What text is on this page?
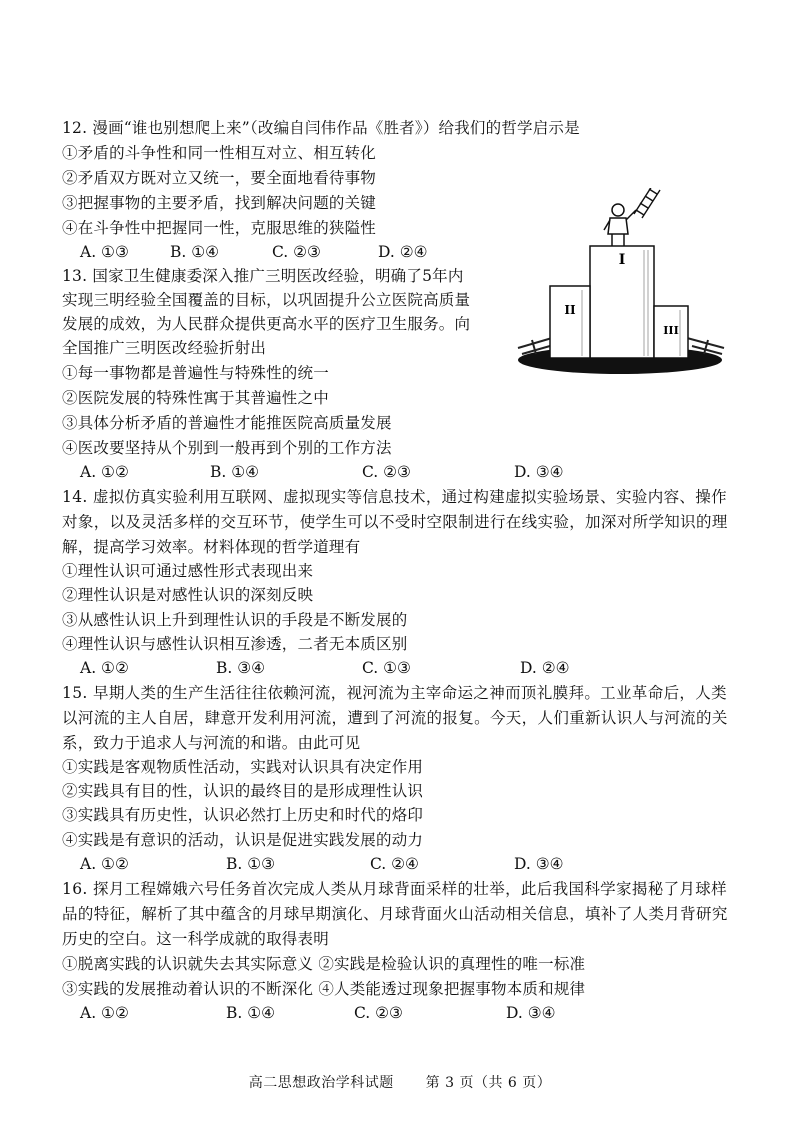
12. 漫画“谁也别想爬上来”（改编自闫伟作品《胜者》）给我们的哲学启示是
①矛盾的斗争性和同一性相互对立、相互转化
②矛盾双方既对立又统一，要全面地看待事物
③把握事物的主要矛盾，找到解决问题的关键
④在斗争性中把握同一性，克服思维的狭隘性
A. ①③	B. ①④	C. ②③	D. ②④
13. 国家卫生健康委深入推广三明医改经验，明确了5年内
实现三明经验全国覆盖的目标，以巩固提升公立医院高质量
发展的成效，为人民群众提供更高水平的医疗卫生服务。向
全国推广三明医改经验折射出
①每一事物都是普遍性与特殊性的统一
②医院发展的特殊性寓于其普遍性之中
③具体分析矛盾的普遍性才能推医院高质量发展
④医改要坚持从个别到一般再到个别的工作方法
A. ①②	B. ①④	C. ②③	D. ③④
14. 虚拟仿真实验利用互联网、虚拟现实等信息技术，通过构建虚拟实验场景、实验内容、操作
对象，以及灵活多样的交互环节，使学生可以不受时空限制进行在线实验，加深对所学知识的理
解，提高学习效率。材料体现的哲学道理有
①理性认识可通过感性形式表现出来
②理性认识是对感性认识的深刻反映
③从感性认识上升到理性认识的手段是不断发展的
④理性认识与感性认识相互渗透，二者无本质区别
A. ①②	B. ③④	C. ①③	D. ②④
15. 早期人类的生产生活往往依赖河流，视河流为主宰命运之神而顶礼膜拜。工业革命后，人类
以河流的主人自居，肆意开发利用河流，遭到了河流的报复。今天，人们重新认识人与河流的关
系，致力于追求人与河流的和谐。由此可见
①实践是客观物质性活动，实践对认识具有决定作用
②实践具有目的性，认识的最终目的是形成理性认识
③实践具有历史性，认识必然打上历史和时代的烙印
④实践是有意识的活动，认识是促进实践发展的动力
A. ①②	B. ①③	C. ②④	D. ③④
16. 探月工程嫦娥六号任务首次完成人类从月球背面采样的壮举，此后我国科学家揭秘了月球样
品的特征，解析了其中蕴含的月球早期演化、月球背面火山活动相关信息，填补了人类月背研究
历史的空白。这一科学成就的取得表明
①脱离实践的认识就失去其实际意义 ②实践是检验认识的真理性的唯一标准
③实践的发展推动着认识的不断深化 ④人类能透过现象把握事物本质和规律
A. ①②	B. ①④	C. ②③	D. ③④
I
II
III
高二思想政治学科试题 第 3 页（共 6 页）
